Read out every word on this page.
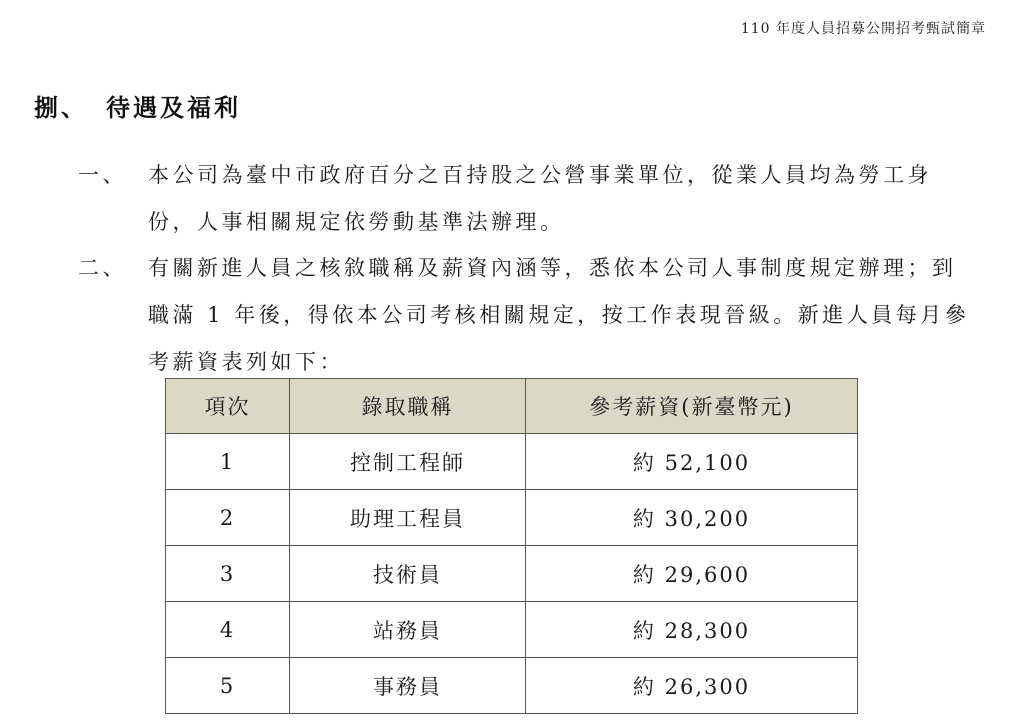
110 年度人員招募公開招考甄試簡章
捌、 待遇及福利
一、 本公司為臺中市政府百分之百持股之公營事業單位，從業人員均為勞工身份，人事相關規定依勞動基準法辦理。
二、 有關新進人員之核敘職稱及薪資內涵等，悉依本公司人事制度規定辦理；到職滿 1 年後，得依本公司考核相關規定，按工作表現晉級。新進人員每月參考薪資表列如下：
項次	錄取職稱	參考薪資(新臺幣元)
1	控制工程師	約 52,100
2	助理工程員	約 30,200
3	技術員	約 29,600
4	站務員	約 28,300
5	事務員	約 26,300
